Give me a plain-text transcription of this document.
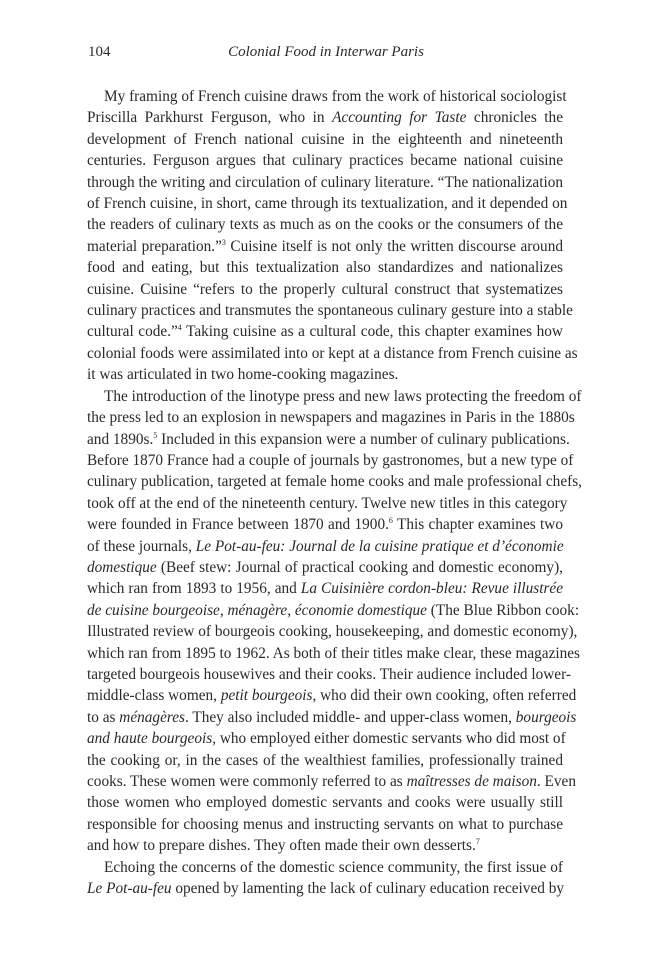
104	Colonial Food in Interwar Paris
My framing of French cuisine draws from the work of historical sociologist
Priscilla Parkhurst Ferguson, who in Accounting for Taste chronicles the
development of French national cuisine in the eighteenth and nineteenth
centuries. Ferguson argues that culinary practices became national cuisine
through the writing and circulation of culinary literature. “The nationalization
of French cuisine, in short, came through its textualization, and it depended on
the readers of culinary texts as much as on the cooks or the consumers of the
material preparation.”$^3$ Cuisine itself is not only the written discourse around
food and eating, but this textualization also standardizes and nationalizes
cuisine. Cuisine “refers to the properly cultural construct that systematizes
culinary practices and transmutes the spontaneous culinary gesture into a stable
cultural code.”$^4$ Taking cuisine as a cultural code, this chapter examines how
colonial foods were assimilated into or kept at a distance from French cuisine as
it was articulated in two home-cooking magazines.
The introduction of the linotype press and new laws protecting the freedom of
the press led to an explosion in newspapers and magazines in Paris in the 1880s
and 1890s.$^5$ Included in this expansion were a number of culinary publications.
Before 1870 France had a couple of journals by gastronomes, but a new type of
culinary publication, targeted at female home cooks and male professional chefs,
took off at the end of the nineteenth century. Twelve new titles in this category
were founded in France between 1870 and 1900.$^6$ This chapter examines two
of these journals, Le Pot-au-feu: Journal de la cuisine pratique et d’économie
domestique (Beef stew: Journal of practical cooking and domestic economy),
which ran from 1893 to 1956, and La Cuisinière cordon-bleu: Revue illustrée
de cuisine bourgeoise, ménagère, économie domestique (The Blue Ribbon cook:
Illustrated review of bourgeois cooking, housekeeping, and domestic economy),
which ran from 1895 to 1962. As both of their titles make clear, these magazines
targeted bourgeois housewives and their cooks. Their audience included lower-
middle-class women, petit bourgeois, who did their own cooking, often referred
to as ménagères. They also included middle- and upper-class women, bourgeois
and haute bourgeois, who employed either domestic servants who did most of
the cooking or, in the cases of the wealthiest families, professionally trained
cooks. These women were commonly referred to as maîtresses de maison. Even
those women who employed domestic servants and cooks were usually still
responsible for choosing menus and instructing servants on what to purchase
and how to prepare dishes. They often made their own desserts.$^7$
Echoing the concerns of the domestic science community, the first issue of
Le Pot-au-feu opened by lamenting the lack of culinary education received by
